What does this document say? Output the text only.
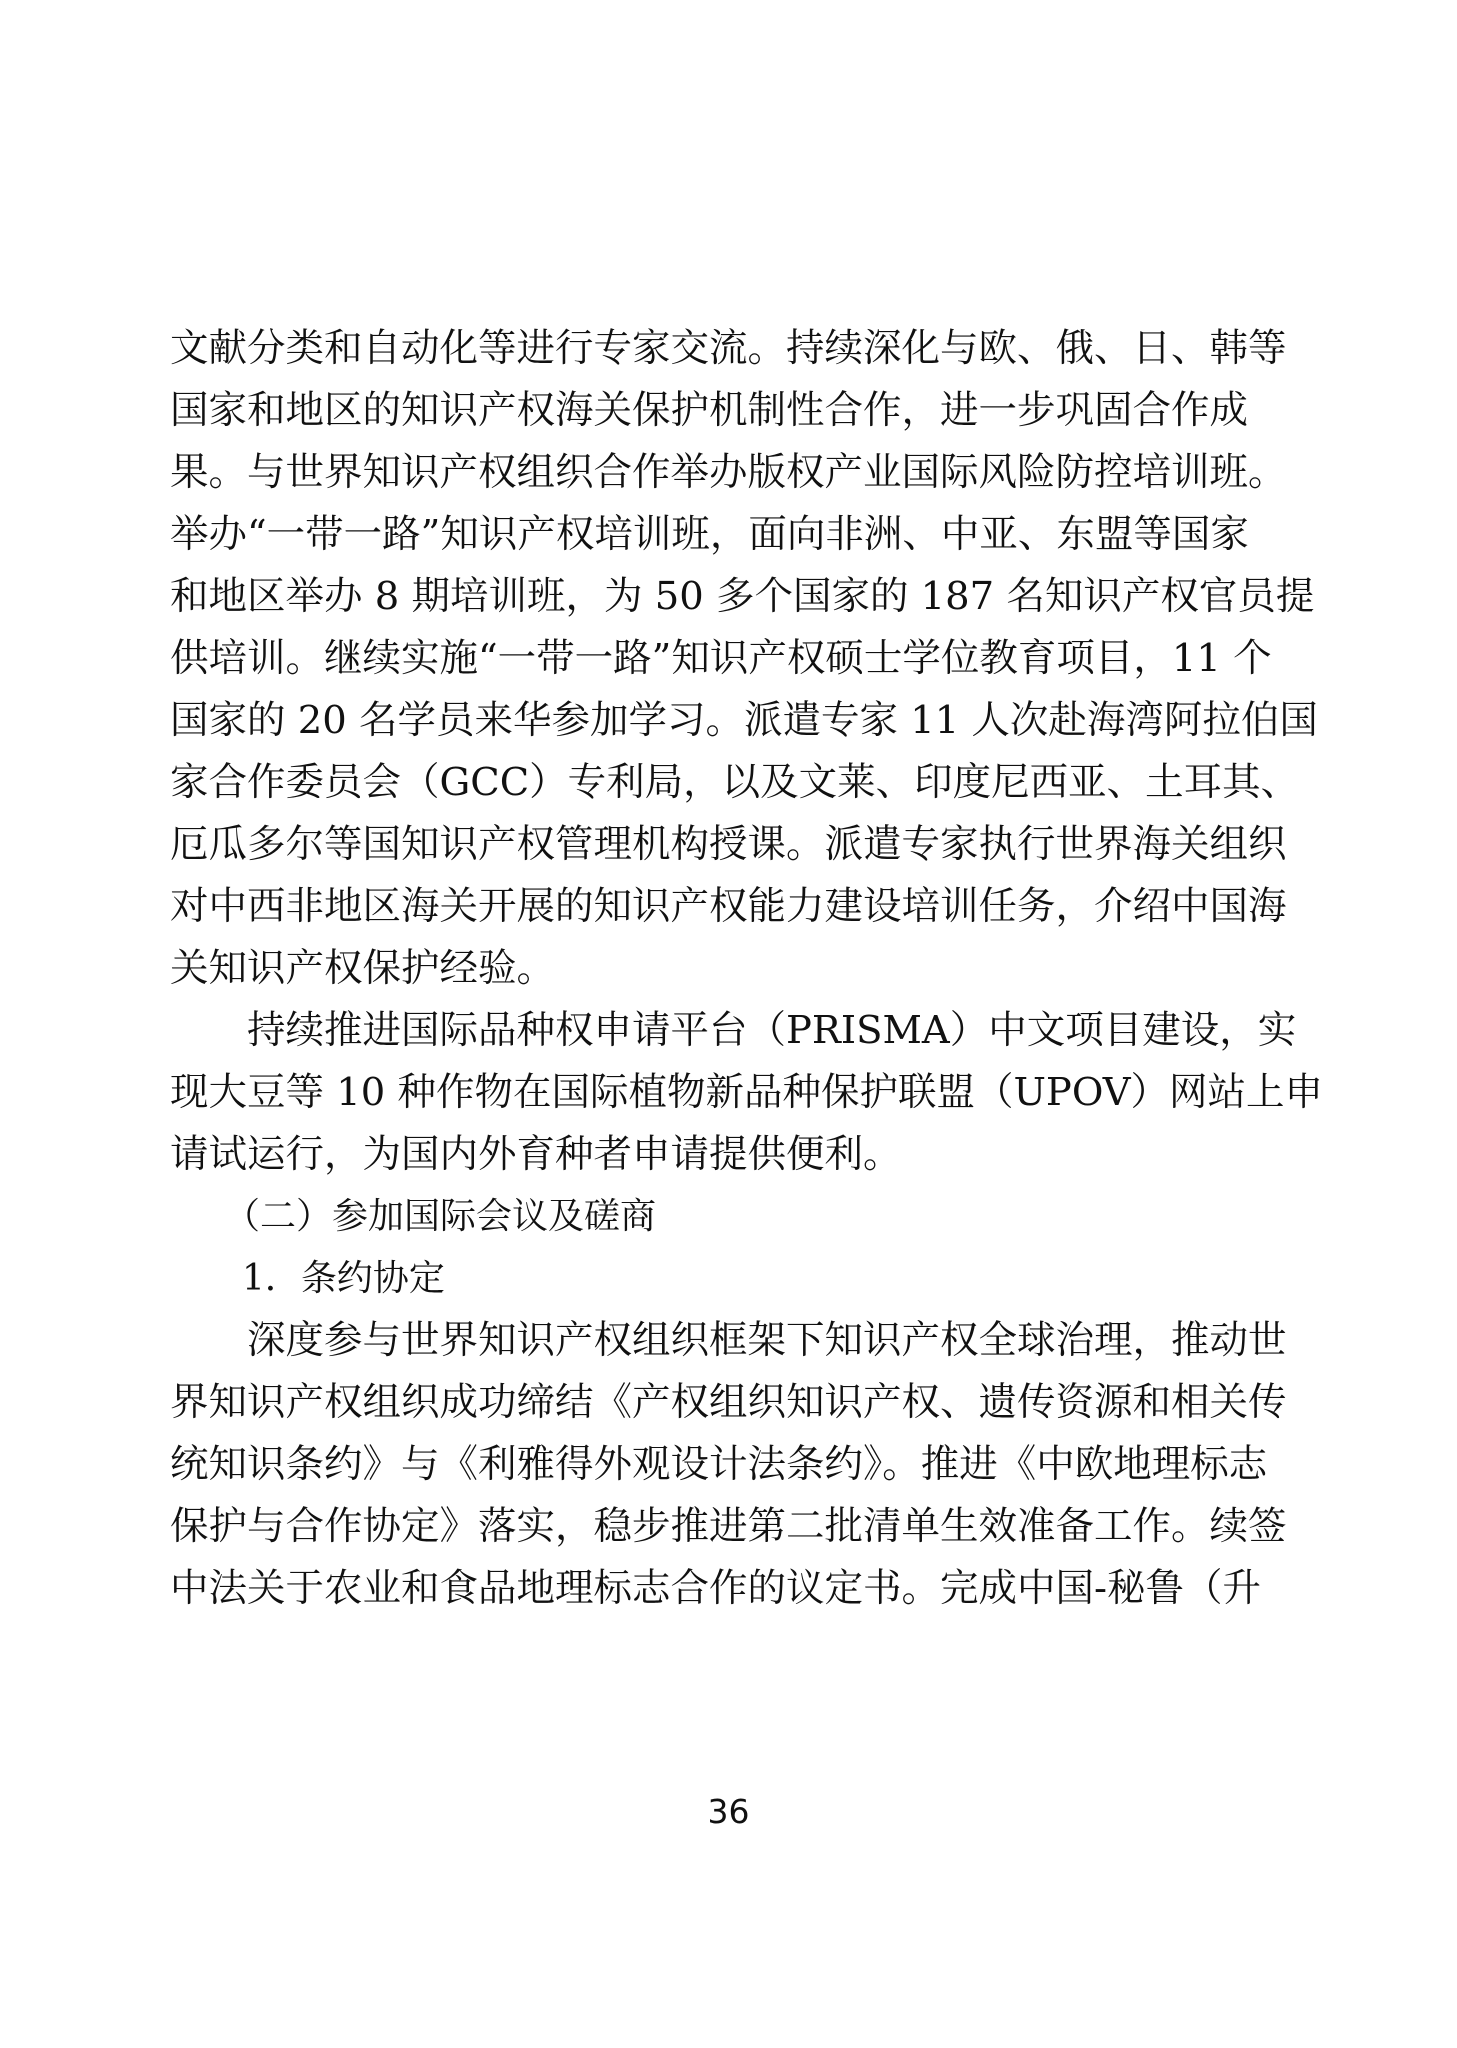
文献分类和自动化等进行专家交流。持续深化与欧、俄、日、韩等
国家和地区的知识产权海关保护机制性合作，进一步巩固合作成
果。与世界知识产权组织合作举办版权产业国际风险防控培训班。
举办“一带一路”知识产权培训班，面向非洲、中亚、东盟等国家
和地区举办 8 期培训班，为 50 多个国家的 187 名知识产权官员提
供培训。继续实施“一带一路”知识产权硕士学位教育项目，11 个
国家的 20 名学员来华参加学习。派遣专家 11 人次赴海湾阿拉伯国
家合作委员会（GCC）专利局，以及文莱、印度尼西亚、土耳其、
厄瓜多尔等国知识产权管理机构授课。派遣专家执行世界海关组织
对中西非地区海关开展的知识产权能力建设培训任务，介绍中国海
关知识产权保护经验。
　　持续推进国际品种权申请平台（PRISMA）中文项目建设，实
现大豆等 10 种作物在国际植物新品种保护联盟（UPOV）网站上申
请试运行，为国内外育种者申请提供便利。
　　（二）参加国际会议及磋商
　　1．条约协定
　　深度参与世界知识产权组织框架下知识产权全球治理，推动世
界知识产权组织成功缔结《产权组织知识产权、遗传资源和相关传
统知识条约》与《利雅得外观设计法条约》。推进《中欧地理标志
保护与合作协定》落实，稳步推进第二批清单生效准备工作。续签
中法关于农业和食品地理标志合作的议定书。完成中国-秘鲁（升
36
